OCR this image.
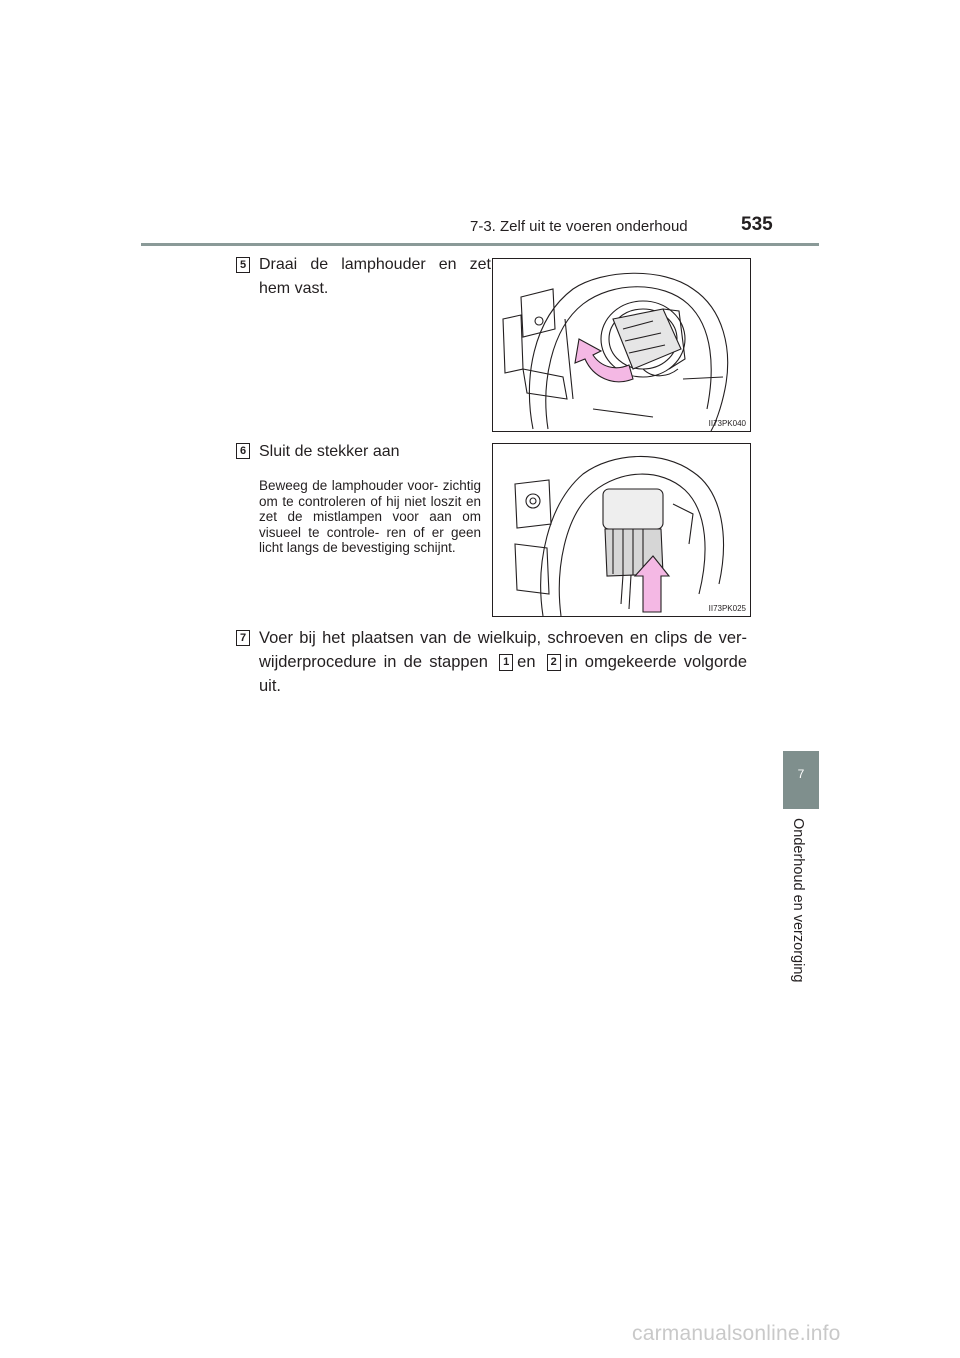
7-3. Zelf uit te voeren onderhoud	535
5 Draai de lamphouder en zet hem vast.
II73PK040
6 Sluit de stekker aan
Beweeg de lamphouder voor- zichtig om te controleren of hij niet loszit en zet de mistlampen voor aan om visueel te controle- ren of er geen licht langs de bevestiging schijnt.
II73PK025
7 Voer bij het plaatsen van de wielkuip, schroeven en clips de ver- wijderprocedure in de stappen 1 en 2 in omgekeerde volgorde uit.
7
Onderhoud en verzorging
carmanualsonline.info
